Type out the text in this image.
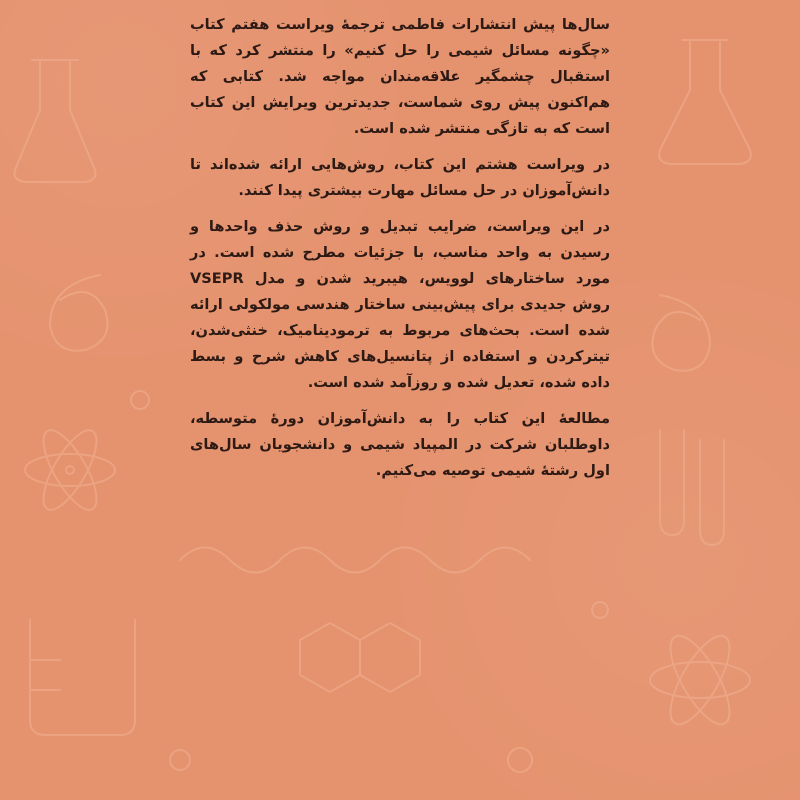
سال‌ها پیش انتشارات فاطمی ترجمهٔ ویراست هفتم کتاب «چگونه مسائل شیمی را حل کنیم» را منتشر کرد که با استقبال چشمگیر علاقه‌مندان مواجه شد. کتابی که هم‌اکنون پیش روی شماست، جدیدترین ویرایش این کتاب است که به تازگی منتشر شده است.

در ویراست هشتم این کتاب، روش‌هایی ارائه شده‌اند تا دانش‌آموزان در حل مسائل مهارت بیشتری پیدا کنند.

در این ویراست، ضرایب تبدیل و روش حذف واحدها و رسیدن به واحد مناسب، با جزئیات مطرح شده است. در مورد ساختارهای لوویس، هیبرید شدن و مدل VSEPR روش جدیدی برای پیش‌بینی ساختار هندسی مولکولی ارائه شده است. بحث‌های مربوط به ترمودینامیک، خنثی‌شدن، تیترکردن و استفاده از پتانسیل‌های کاهش شرح و بسط داده شده، تعدیل شده و روزآمد شده است.

مطالعهٔ این کتاب را به دانش‌آموزان دورهٔ متوسطه، داوطلبان شرکت در المپیاد شیمی و دانشجویان سال‌های اول رشتهٔ شیمی توصیه می‌کنیم.
